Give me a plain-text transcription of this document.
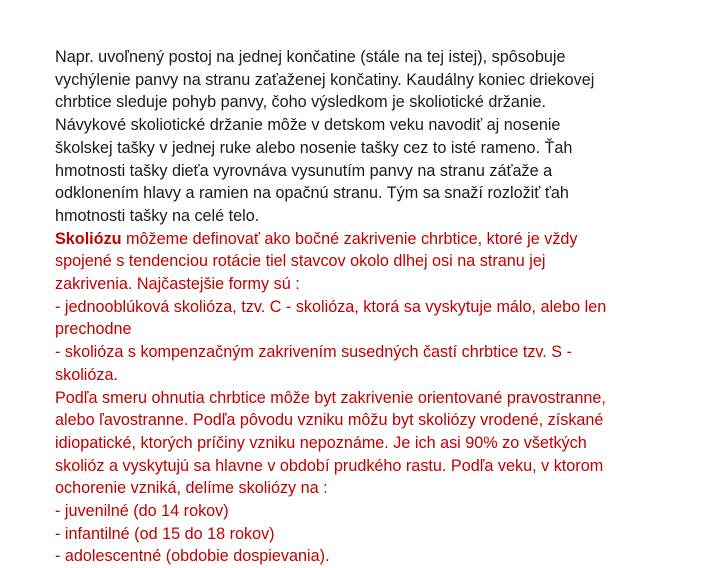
Napr. uvoľnený postoj na jednej končatine (stále na tej istej), spôsobuje
vychýlenie panvy na stranu zaťaženej končatiny. Kaudálny koniec driekovej
chrbtice sleduje pohyb panvy, čoho výsledkom je skoliotické držanie.
Návykové skoliotické držanie môže v detskom veku navodiť aj nosenie
školskej tašky v jednej ruke alebo nosenie tašky cez to isté rameno. Ťah
hmotnosti tašky dieťa vyrovnáva vysunutím panvy na stranu záťaže a
odklonením hlavy a ramien na opačnú stranu. Tým sa snaží rozložiť ťah
hmotnosti tašky na celé telo.
Skoliózu môžeme definovať ako bočné zakrivenie chrbtice, ktoré je vždy
spojené s tendenciou rotácie tiel stavcov okolo dlhej osi na stranu jej
zakrivenia. Najčastejšie formy sú :
- jednooblúková skolióza, tzv. C - skolióza, ktorá sa vyskytuje málo, alebo len
prechodne
- skolióza s kompenzačným zakrivením susedných častí chrbtice tzv. S -
skolióza.
Podľa smeru ohnutia chrbtice môže byt zakrivenie orientované pravostranne,
alebo ľavostranne. Podľa pôvodu vzniku môžu byt skoliózy vrodené, získané
idiopatické, ktorých príčiny vzniku nepoznáme. Je ich asi 90% zo všetkých
skolióz a vyskytujú sa hlavne v období prudkého rastu. Podľa veku, v ktorom
ochorenie vzniká, delíme skoliózy na :
- juvenilné (do 14 rokov)
- infantilné (od 15 do 18 rokov)
- adolescentné (obdobie dospievania).
